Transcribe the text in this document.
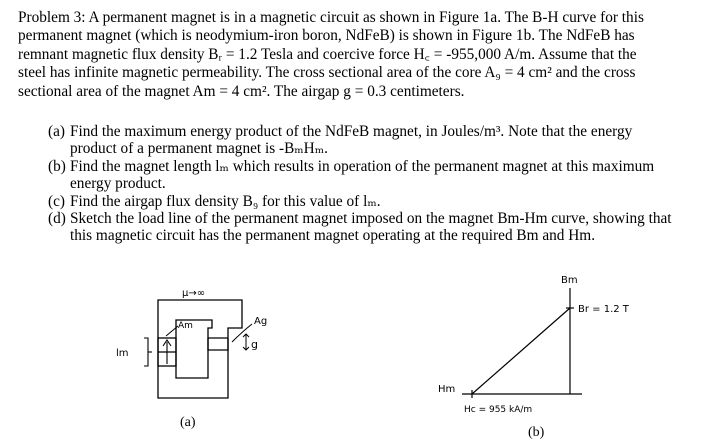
Problem 3: A permanent magnet is in a magnetic circuit as shown in Figure 1a. The B-H curve for this
permanent magnet (which is neodymium-iron boron, NdFeB) is shown in Figure 1b. The NdFeB has
remnant magnetic flux density Bᵣ = 1.2 Tesla and coercive force H꜀ = -955,000 A/m. Assume that the
steel has infinite magnetic permeability. The cross sectional area of the core A₉ = 4 cm² and the cross
sectional area of the magnet Am = 4 cm². The airgap g = 0.3 centimeters.
(a) Find the maximum energy product of the NdFeB magnet, in Joules/m³. Note that the energy
product of a permanent magnet is -BₘHₘ.
(b) Find the magnet length lₘ which results in operation of the permanent magnet at this maximum
energy product.
(c) Find the airgap flux density B₉ for this value of lₘ.
(d) Sketch the load line of the permanent magnet imposed on the magnet Bm-Hm curve, showing that
this magnetic circuit has the permanent magnet operating at the required Bm and Hm.
lm
μ→∞
Am	Ag
g
(a)
Bm
Br = 1.2 T
Hm
Hc = 955 kA/m
(b)
